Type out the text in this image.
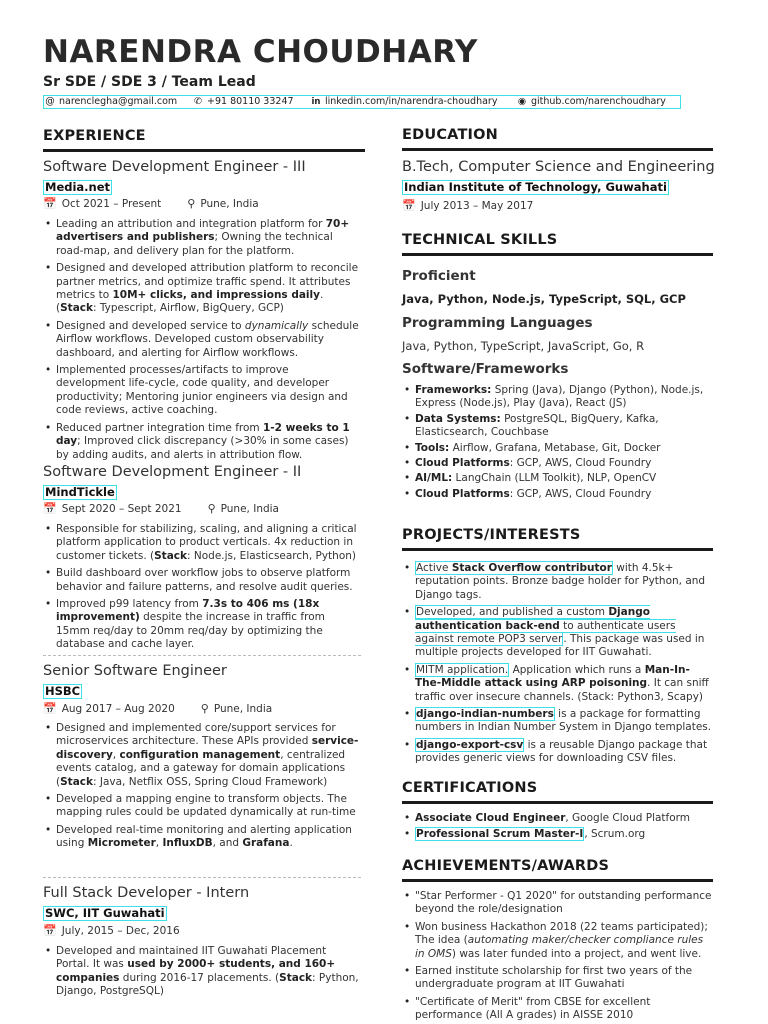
NARENDRA CHOUDHARY
Sr SDE / SDE 3 / Team Lead
@ narenclegha@gmail.com ✆ +91 80110 33247 in linkedin.com/in/narendra-choudhary ◉ github.com/narenchoudhary
EXPERIENCE
Software Development Engineer - III
Media.net
📅 Oct 2021 – Present ⚲ Pune, India
• Leading an attribution and integration platform for 70+ advertisers and publishers; Owning the technical road-map, and delivery plan for the platform.
• Designed and developed attribution platform to reconcile partner metrics, and optimize traffic spend. It attributes metrics to 10M+ clicks, and impressions daily. (Stack: Typescript, Airflow, BigQuery, GCP)
• Designed and developed service to dynamically schedule Airflow workflows. Developed custom observability dashboard, and alerting for Airflow workflows.
• Implemented processes/artifacts to improve development life-cycle, code quality, and developer productivity; Mentoring junior engineers via design and code reviews, active coaching.
• Reduced partner integration time from 1-2 weeks to 1 day; Improved click discrepancy (>30% in some cases) by adding audits, and alerts in attribution flow.
Software Development Engineer - II
MindTickle
📅 Sept 2020 – Sept 2021 ⚲ Pune, India
• Responsible for stabilizing, scaling, and aligning a critical platform application to product verticals. 4x reduction in customer tickets. (Stack: Node.js, Elasticsearch, Python)
• Build dashboard over workflow jobs to observe platform behavior and failure patterns, and resolve audit queries.
• Improved p99 latency from 7.3s to 406 ms (18x improvement) despite the increase in traffic from 15mm req/day to 20mm req/day by optimizing the database and cache layer.
Senior Software Engineer
HSBC
📅 Aug 2017 – Aug 2020 ⚲ Pune, India
• Designed and implemented core/support services for microservices architecture. These APIs provided service-discovery, configuration management, centralized events catalog, and a gateway for domain applications (Stack: Java, Netflix OSS, Spring Cloud Framework)
• Developed a mapping engine to transform objects. The mapping rules could be updated dynamically at run-time
• Developed real-time monitoring and alerting application using Micrometer, InfluxDB, and Grafana.
Full Stack Developer - Intern
SWC, IIT Guwahati
📅 July, 2015 – Dec, 2016
• Developed and maintained IIT Guwahati Placement Portal. It was used by 2000+ students, and 160+ companies during 2016-17 placements. (Stack: Python, Django, PostgreSQL)
EDUCATION
B.Tech, Computer Science and Engineering
Indian Institute of Technology, Guwahati
📅 July 2013 – May 2017
TECHNICAL SKILLS
Proficient
Java, Python, Node.js, TypeScript, SQL, GCP
Programming Languages
Java, Python, TypeScript, JavaScript, Go, R
Software/Frameworks
• Frameworks: Spring (Java), Django (Python), Node.js, Express (Node.js), Play (Java), React (JS)
• Data Systems: PostgreSQL, BigQuery, Kafka, Elasticsearch, Couchbase
• Tools: Airflow, Grafana, Metabase, Git, Docker
• Cloud Platforms: GCP, AWS, Cloud Foundry
• AI/ML: LangChain (LLM Toolkit), NLP, OpenCV
• Cloud Platforms: GCP, AWS, Cloud Foundry
PROJECTS/INTERESTS
• Active Stack Overflow contributor with 4.5k+ reputation points. Bronze badge holder for Python, and Django tags.
• Developed, and published a custom Django authentication back-end to authenticate users against remote POP3 server. This package was used in multiple projects developed for IIT Guwahati.
• MITM application. Application which runs a Man-In-The-Middle attack using ARP poisoning. It can sniff traffic over insecure channels. (Stack: Python3, Scapy)
• django-indian-numbers is a package for formatting numbers in Indian Number System in Django templates.
• django-export-csv is a reusable Django package that provides generic views for downloading CSV files.
CERTIFICATIONS
• Associate Cloud Engineer, Google Cloud Platform
• Professional Scrum Master-I, Scrum.org
ACHIEVEMENTS/AWARDS
• "Star Performer - Q1 2020" for outstanding performance beyond the role/designation
• Won business Hackathon 2018 (22 teams participated); The idea (automating maker/checker compliance rules in OMS) was later funded into a project, and went live.
• Earned institute scholarship for first two years of the undergraduate program at IIT Guwahati
• "Certificate of Merit" from CBSE for excellent performance (All A grades) in AISSE 2010
